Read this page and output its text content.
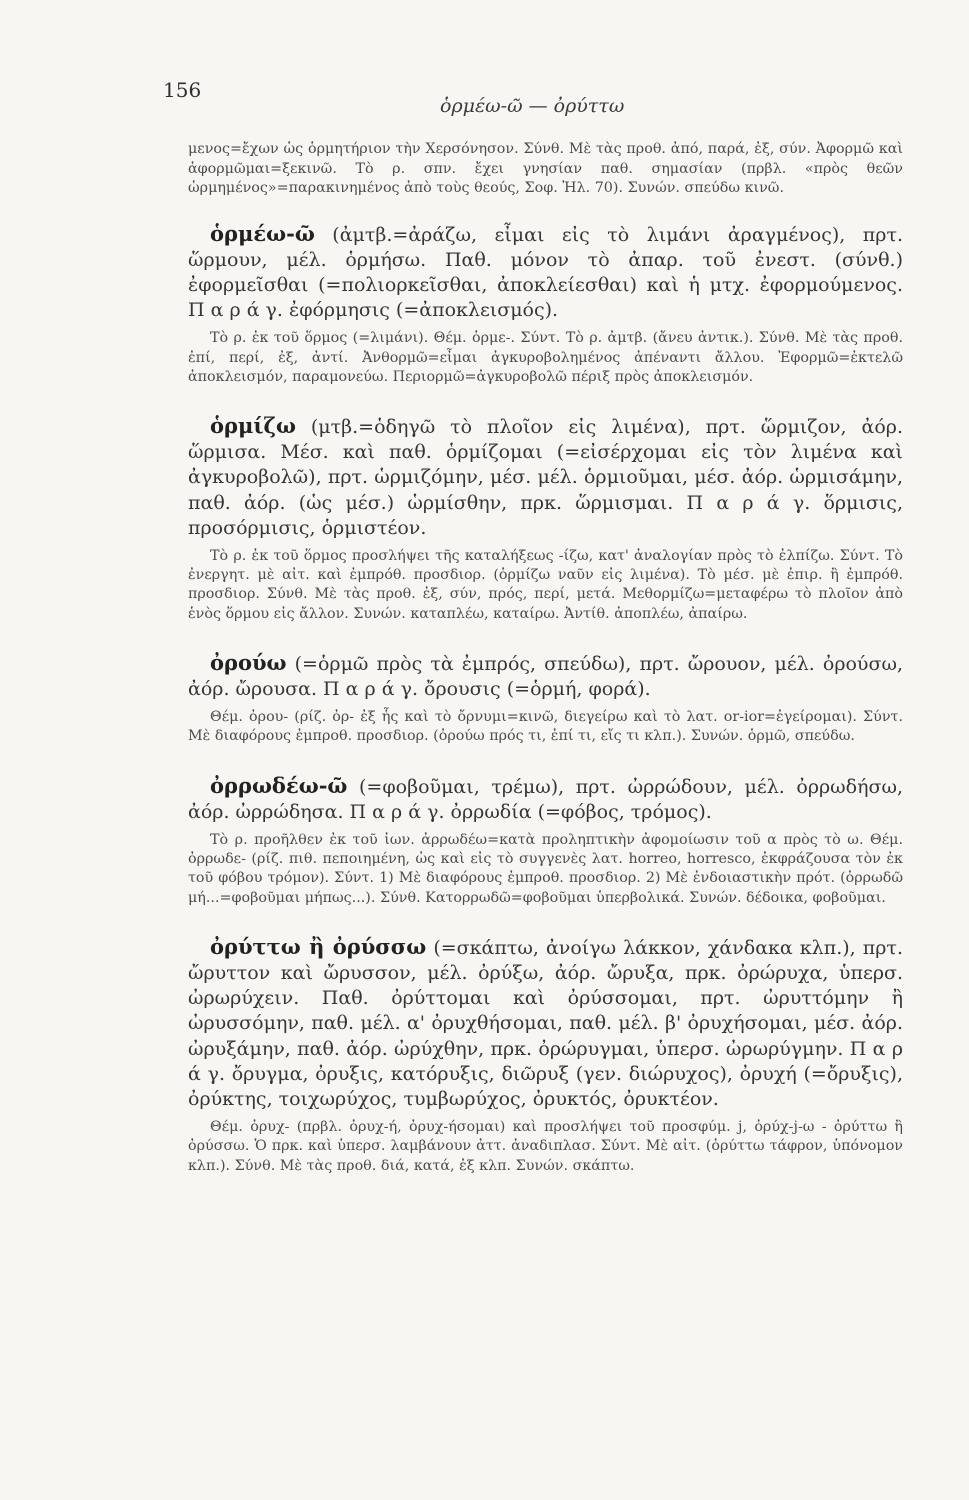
156
ὁρμέω-ῶ — ὀρύττω

μενος=ἔχων ὡς ὁρμητήριον τὴν Χερσόνησον. Σύνθ. Μὲ τὰς προθ. ἀπό, παρά, ἐξ, σύν. Ἀφορμῶ καὶ ἀφορμῶμαι=ξεκινῶ. Τὸ ρ. σπν. ἔχει γνησίαν παθ. σημασίαν (πρβλ. «πρὸς θεῶν ὡρμημένος»=παρακινημένος ἀπὸ τοὺς θεούς, Σοφ. Ἠλ. 70). Συνών. σπεύδω κινῶ.

ὁρμέω-ῶ (ἀμτβ.=ἀράζω, εἶμαι εἰς τὸ λιμάνι ἀραγμένος), πρτ. ὥρμουν, μέλ. ὁρμήσω. Παθ. μόνον τὸ ἀπαρ. τοῦ ἐνεστ. (σύνθ.) ἐφορμεῖσθαι (=πολιορκεῖσθαι, ἀποκλείεσθαι) καὶ ἡ μτχ. ἐφορμούμενος. Π α ρ ά γ. ἐφόρμησις (=ἀποκλεισμός).

Τὸ ρ. ἐκ τοῦ ὅρμος (=λιμάνι). Θέμ. ὁρμε-. Σύντ. Τὸ ρ. ἀμτβ. (ἄνευ ἀντικ.). Σύνθ. Μὲ τὰς προθ. ἐπί, περί, ἐξ, ἀντί. Ἀνθορμῶ=εἶμαι ἀγκυροβολημένος ἀπέναντι ἄλλου. Ἐφορμῶ=ἐκτελῶ ἀποκλεισμόν, παραμονεύω. Περιορμῶ=ἀγκυροβολῶ πέριξ πρὸς ἀποκλεισμόν.

ὁρμίζω (μτβ.=ὁδηγῶ τὸ πλοῖον εἰς λιμένα), πρτ. ὥρμιζον, ἀόρ. ὥρμισα. Μέσ. καὶ παθ. ὁρμίζομαι (=εἰσέρχομαι εἰς τὸν λιμένα καὶ ἀγκυροβολῶ), πρτ. ὡρμιζόμην, μέσ. μέλ. ὁρμιοῦμαι, μέσ. ἀόρ. ὡρμισάμην, παθ. ἀόρ. (ὡς μέσ.) ὡρμίσθην, πρκ. ὥρμισμαι. Π α ρ ά γ. ὅρμισις, προσόρμισις, ὁρμιστέον.

Τὸ ρ. ἐκ τοῦ ὅρμος προσλήψει τῆς καταλήξεως -ίζω, κατ' ἀναλογίαν πρὸς τὸ ἐλπίζω. Σύντ. Τὸ ἐνεργητ. μὲ αἰτ. καὶ ἐμπρόθ. προσδιορ. (ὁρμίζω ναῦν εἰς λιμένα). Τὸ μέσ. μὲ ἐπιρ. ἢ ἐμπρόθ. προσδιορ. Σύνθ. Μὲ τὰς προθ. ἐξ, σύν, πρός, περί, μετά. Μεθορμίζω=μεταφέρω τὸ πλοῖον ἀπὸ ἑνὸς ὅρμου εἰς ἄλλον. Συνών. καταπλέω, καταίρω. Ἀντίθ. ἀποπλέω, ἀπαίρω.

ὀρούω (=ὁρμῶ πρὸς τὰ ἐμπρός, σπεύδω), πρτ. ὤρουον, μέλ. ὀρούσω, ἀόρ. ὤρουσα. Π α ρ ά γ. ὄρουσις (=ὁρμή, φορά).

Θέμ. ὀρου- (ρίζ. ὀρ- ἐξ ἧς καὶ τὸ ὄρνυμι=κινῶ, διεγείρω καὶ τὸ λατ. or-ior=ἐγείρομαι). Σύντ. Μὲ διαφόρους ἐμπροθ. προσδιορ. (ὀρούω πρός τι, ἐπί τι, εἴς τι κλπ.). Συνών. ὁρμῶ, σπεύδω.

ὀρρωδέω-ῶ (=φοβοῦμαι, τρέμω), πρτ. ὠρρώδουν, μέλ. ὀρρωδήσω, ἀόρ. ὠρρώδησα. Π α ρ ά γ. ὀρρωδία (=φόβος, τρόμος).

Τὸ ρ. προῆλθεν ἐκ τοῦ ἰων. ἀρρωδέω=κατὰ προληπτικὴν ἀφομοίωσιν τοῦ α πρὸς τὸ ω. Θέμ. ὀρρωδε- (ρίζ. πιθ. πεποιημένη, ὡς καὶ εἰς τὸ συγγενὲς λατ. horreo, horresco, ἐκφράζουσα τὸν ἐκ τοῦ φόβου τρόμον). Σύντ. 1) Μὲ διαφόρους ἐμπροθ. προσδιορ. 2) Μὲ ἐνδοιαστικὴν πρότ. (ὀρρωδῶ μή...=φοβοῦμαι μήπως...). Σύνθ. Κατορρωδῶ=φοβοῦμαι ὑπερβολικά. Συνών. δέδοικα, φοβοῦμαι.

ὀρύττω ἢ ὀρύσσω (=σκάπτω, ἀνοίγω λάκκον, χάνδακα κλπ.), πρτ. ὤρυττον καὶ ὤρυσσον, μέλ. ὀρύξω, ἀόρ. ὤρυξα, πρκ. ὀρώρυχα, ὑπερσ. ὠρωρύχειν. Παθ. ὀρύττομαι καὶ ὀρύσσομαι, πρτ. ὠρυττόμην ἢ ὠρυσσόμην, παθ. μέλ. α' ὀρυχθήσομαι, παθ. μέλ. β' ὀρυχήσομαι, μέσ. ἀόρ. ὠρυξάμην, παθ. ἀόρ. ὠρύχθην, πρκ. ὀρώρυγμαι, ὑπερσ. ὠρωρύγμην. Π α ρ ά γ. ὄρυγμα, ὀρυξις, κατόρυξις, διῶρυξ (γεν. διώρυχος), ὀρυχή (=ὄρυξις), ὀρύκτης, τοιχωρύχος, τυμβωρύχος, ὀρυκτός, ὀρυκτέον.

Θέμ. ὀρυχ- (πρβλ. ὀρυχ-ή, ὀρυχ-ήσομαι) καὶ προσλήψει τοῦ προσφύμ. j, ὀρύχ-j-ω - ὀρύττω ἢ ὀρύσσω. Ὁ πρκ. καὶ ὑπερσ. λαμβάνουν ἀττ. ἀναδιπλασ. Σύντ. Μὲ αἰτ. (ὀρύττω τάφρον, ὑπόνομον κλπ.). Σύνθ. Μὲ τὰς προθ. διά, κατά, ἐξ κλπ. Συνών. σκάπτω.
